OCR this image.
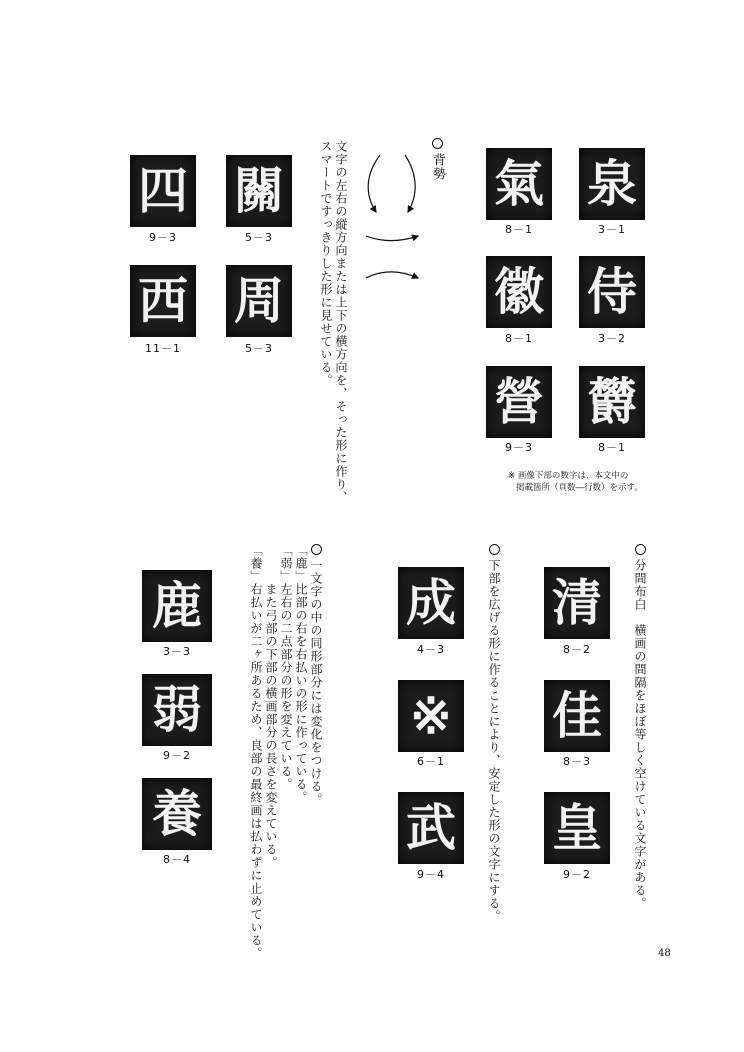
背勢	泉
3－1
氣
8－1
侍
3－2
徽
8－1
欝
8－1
營
9－3
※ 画像下部の数字は、本文中の
掲載箇所（頁数―行数）を示す。
文字の左右の縦方向または上下の横方向を、そった形に作り、
スマートですっきりした形に見せている。
關
5－3
四
9－3
周
5－3
西
11－1
分間布白　横画の間隔をほぼ等しく空けている文字がある。
清
8－2
佳
8－3
皇
9－2
下部を広げる形に作ることにより、安定した形の文字にする。
成
4－3
※
6－1
武
9－4
一文字の中の同形部分には変化をつける。
「鹿」比部の右を右払いの形に作っている。
「弱」左右の二点部分の形を変えている。
　　　また弓部の下部の横画部分の長さを変えている。
「養」右払いが二ヶ所あるため、良部の最終画は払わずに止めている。
鹿
3－3
弱
9－2
養
8－4
48
